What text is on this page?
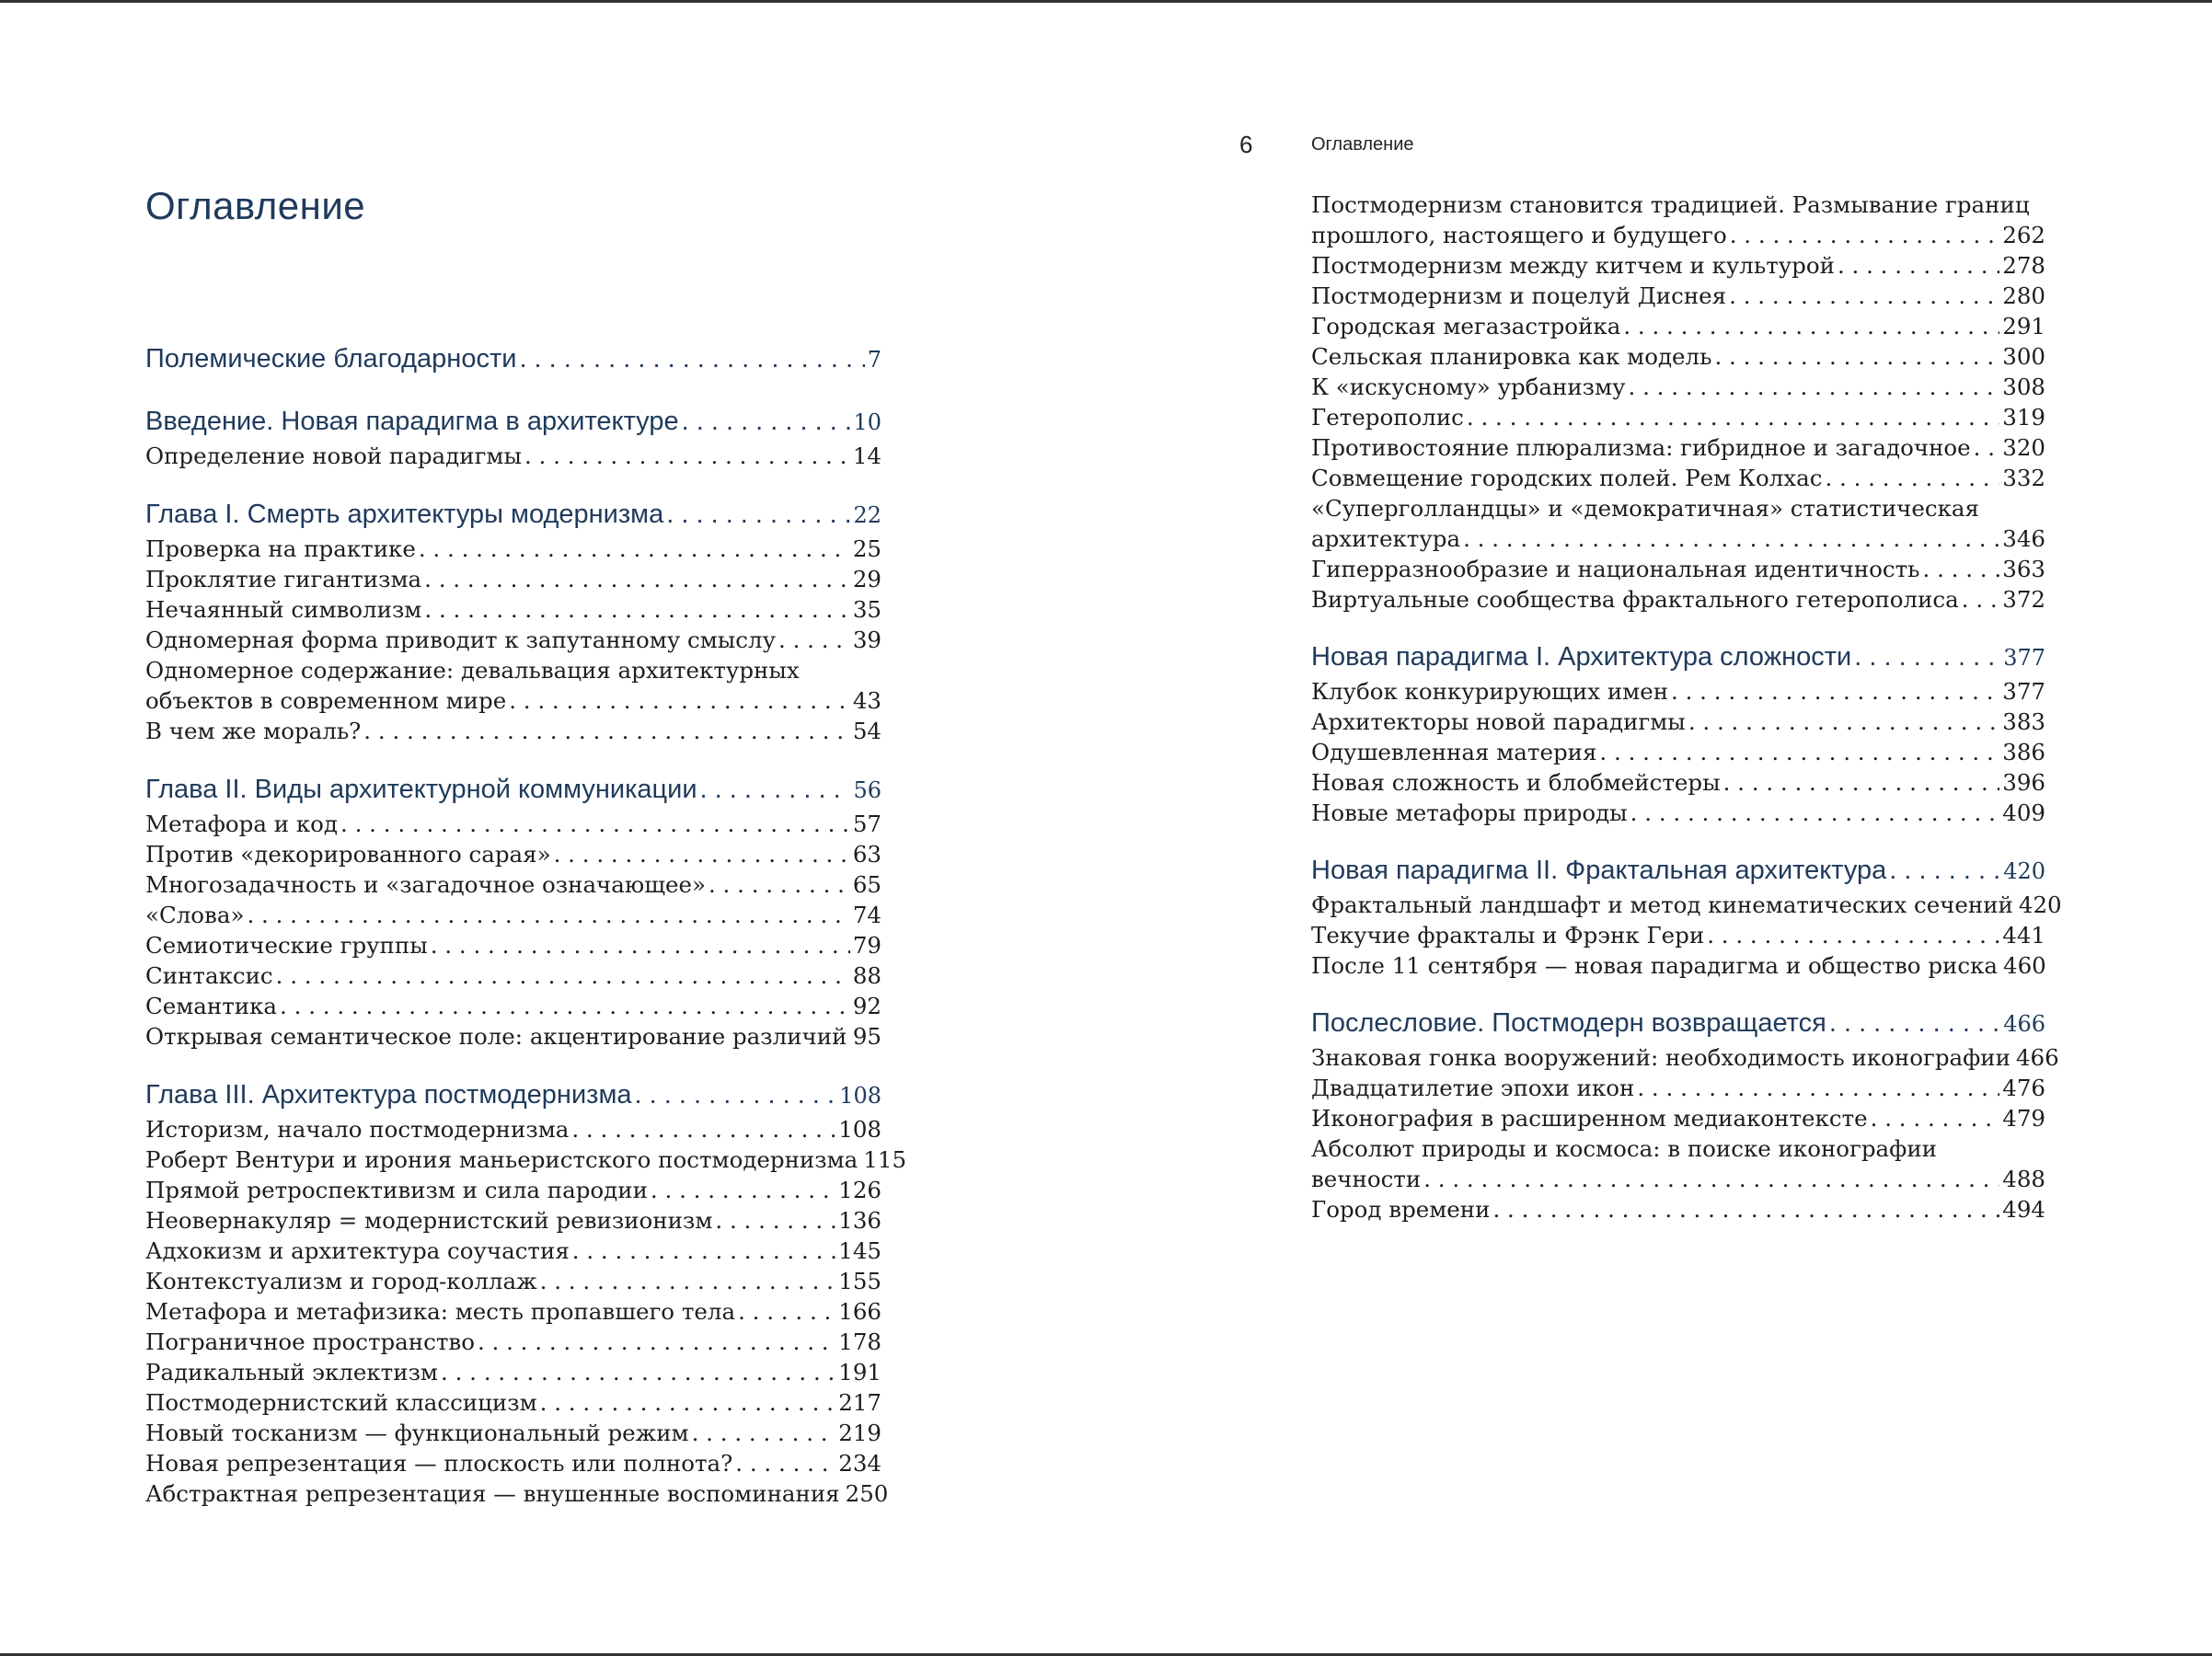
Оглавление
Полемические благодарности . . .	7
Введение. Новая парадигма в архитектуре . . .	10
Определение новой парадигмы . . .	14
Глава I. Смерть архитектуры модернизма . . .	22
Проверка на практике . . .	25
Проклятие гигантизма . . .	29
Нечаянный символизм . . .	35
Одномерная форма приводит к запутанному смыслу . . .	39
Одномерное содержание: девальвация архитектурных
объектов в современном мире . . .	43
В чем же мораль? . . .	54
Глава II. Виды архитектурной коммуникации . . .	56
Метафора и код . . .	57
Против «декорированного сарая» . . .	63
Многозадачность и «загадочное означающее» . . .	65
«Слова» . . .	74
Семиотические группы . . .	79
Синтаксис . . .	88
Семантика . . .	92
Открывая семантическое поле: акцентирование различий . . . 95
Глава III. Архитектура постмодернизма . . .	108
Историзм, начало постмодернизма . . .	108
Роберт Вентури и ирония маньеристского постмодернизма 115
Прямой ретроспективизм и сила пародии . . .	126
Неовернакуляр = модернистский ревизионизм . . .	136
Адхокизм и архитектура соучастия . . .	145
Контекстуализм и город-коллаж . . .	155
Метафора и метафизика: месть пропавшего тела . . .	166
Пограничное пространство . . .	178
Радикальный эклектизм . . .	191
Постмодернистский классицизм . . .	217
Новый тосканизм — функциональный режим . . .	219
Новая репрезентация — плоскость или полнота? . . .	234
Абстрактная репрезентация — внушенные воспоминания 250
6	Оглавление
Постмодернизм становится традицией. Размывание границ
прошлого, настоящего и будущего . . .	262
Постмодернизм между китчем и культурой . . .	278
Постмодернизм и поцелуй Диснея . . .	280
Городская мегазастройка . . .	291
Сельская планировка как модель . . .	300
К «искусному» урбанизму . . .	308
Гетерополис . . .	319
Противостояние плюрализма: гибридное и загадочное . . . 320
Совмещение городских полей. Рем Колхас . . .	332
«Суперголландцы» и «демократичная» статистическая
архитектура . . .	346
Гиперразнообразие и национальная идентичность . . .	363
Виртуальные сообщества фрактального гетерополиса . . . 372
Новая парадигма I. Архитектура сложности . . .	377
Клубок конкурирующих имен . . .	377
Архитекторы новой парадигмы . . .	383
Одушевленная материя . . .	386
Новая сложность и блобмейстеры . . .	396
Новые метафоры природы . . .	409
Новая парадигма II. Фрактальная архитектура . . .	420
Фрактальный ландшафт и метод кинематических сечений 420
Текучие фракталы и Фрэнк Гери . . .	441
После 11 сентября — новая парадигма и общество риска 460
Послесловие. Постмодерн возвращается . . .	466
Знаковая гонка вооружений: необходимость иконографии 466
Двадцатилетие эпохи икон . . .	476
Иконография в расширенном медиаконтексте . . .	479
Абсолют природы и космоса: в поиске иконографии
вечности . . .	488
Город времени . . .	494
